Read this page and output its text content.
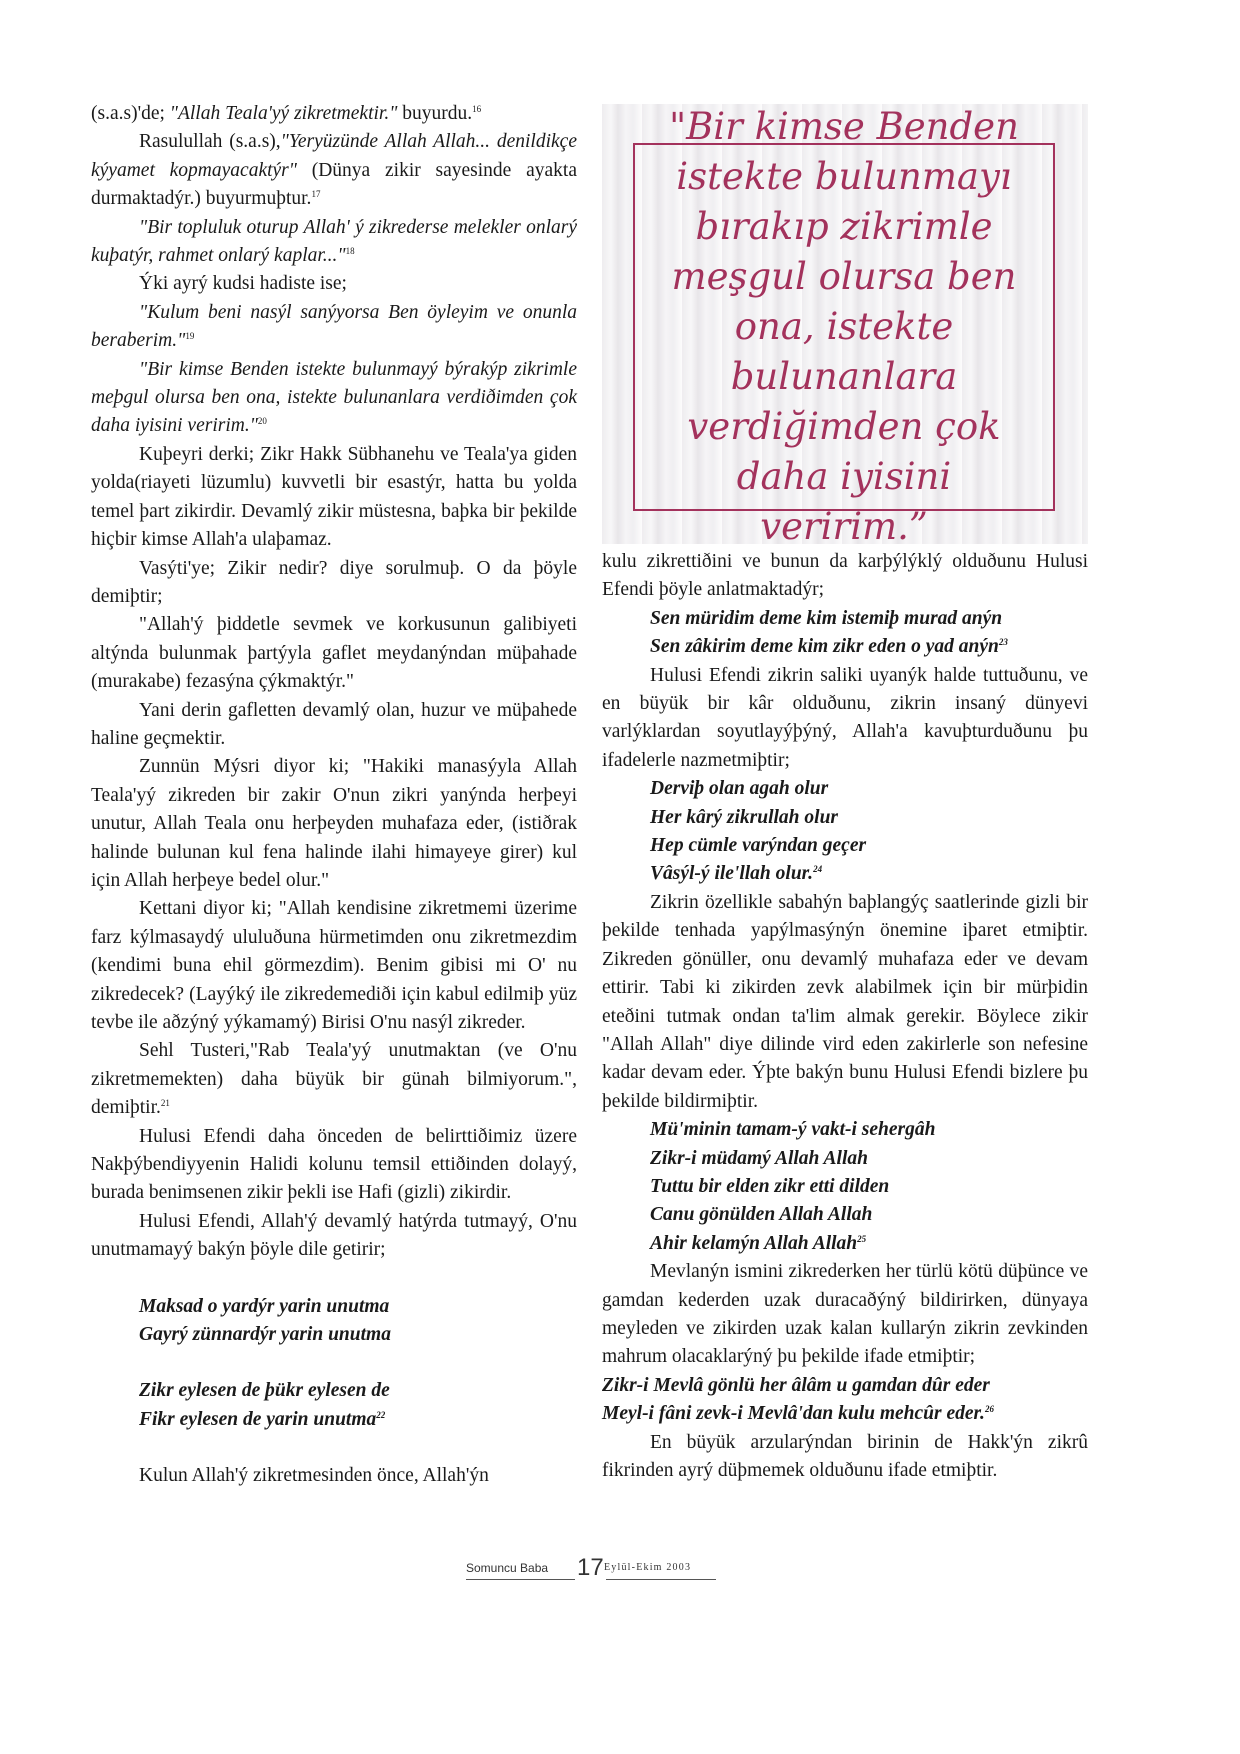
(s.a.s)'de; "Allah Teala'yý zikretmektir." buyurdu.$^{16}$

Rasulullah (s.a.s),"Yeryüzünde Allah Allah... denildikçe kýyamet kopmayacaktýr" (Dünya zikir sayesinde ayakta durmaktadýr.) buyurmuþtur.$^{17}$

"Bir topluluk oturup Allah' ý zikrederse melekler onlarý kuþatýr, rahmet onlarý kaplar..."$^{18}$

Ýki ayrý kudsi hadiste ise;

"Kulum beni nasýl sanýyorsa Ben öyleyim ve onunla beraberim."$^{19}$

"Bir kimse Benden istekte bulunmayý býrakýp zikrimle meþgul olursa ben ona, istekte bulunanlara verdiðimden çok daha iyisini veririm."$^{20}$

Kuþeyri derki; Zikr Hakk Sübhanehu ve Teala'ya giden yolda(riayeti lüzumlu) kuvvetli bir esastýr, hatta bu yolda temel þart zikirdir. Devamlý zikir müstesna, baþka bir þekilde hiçbir kimse Allah'a ulaþamaz.

Vasýti'ye; Zikir nedir? diye sorulmuþ. O da þöyle demiþtir;

"Allah'ý þiddetle sevmek ve korkusunun galibiyeti altýnda bulunmak þartýyla gaflet meydanýndan müþahade (murakabe) fezasýna çýkmaktýr."

Yani derin gafletten devamlý olan, huzur ve müþahede haline geçmektir.

Zunnün Mýsri diyor ki; "Hakiki manasýyla Allah Teala'yý zikreden bir zakir O'nun zikri yanýnda herþeyi unutur, Allah Teala onu herþeyden muhafaza eder, (istiðrak halinde bulunan kul fena halinde ilahi himayeye girer) kul için Allah herþeye bedel olur."

Kettani diyor ki; "Allah kendisine zikretmemi üzerime farz kýlmasaydý ululuðuna hürmetimden onu zikretmezdim (kendimi buna ehil görmezdim). Benim gibisi mi O' nu zikredecek? (Layýký ile zikredemediði için kabul edilmiþ yüz tevbe ile aðzýný yýkamamý) Birisi O'nu nasýl zikreder.

Sehl Tusteri,"Rab Teala'yý unutmaktan (ve O'nu zikretmemekten) daha büyük bir günah bilmiyorum.", demiþtir.$^{21}$

Hulusi Efendi daha önceden de belirttiðimiz üzere Nakþýbendiyyenin Halidi kolunu temsil ettiðinden dolayý, burada benimsenen zikir þekli ise Hafi (gizli) zikirdir.

Hulusi Efendi, Allah'ý devamlý hatýrda tutmayý, O'nu unutmamayý bakýn þöyle dile getirir;

Maksad o yardýr yarin unutma

Gayrý zünnardýr yarin unutma

Zikr eylesen de þükr eylesen de

Fikr eylesen de yarin unutma$^{22}$

Kulun Allah'ý zikretmesinden önce, Allah'ýn

"Bir kimse Benden istekte bulunmayı bırakıp zikrimle meşgul olursa ben ona, istekte bulunanlara verdiğimden çok daha iyisini veririm.”

kulu zikrettiðini ve bunun da karþýlýklý olduðunu Hulusi Efendi þöyle anlatmaktadýr;

Sen müridim deme kim istemiþ murad anýn

Sen zâkirim deme kim zikr eden o yad anýn$^{23}$

Hulusi Efendi zikrin saliki uyanýk halde tuttuðunu, ve en büyük bir kâr olduðunu, zikrin insaný dünyevi varlýklardan soyutlayýþýný, Allah'a kavuþturduðunu þu ifadelerle nazmetmiþtir;

Derviþ olan agah olur

Her kârý zikrullah olur

Hep cümle varýndan geçer

Vâsýl-ý ile'llah olur.$^{24}$

Zikrin özellikle sabahýn baþlangýç saatlerinde gizli bir þekilde tenhada yapýlmasýnýn önemine iþaret etmiþtir. Zikreden gönüller, onu devamlý muhafaza eder ve devam ettirir. Tabi ki zikirden zevk alabilmek için bir mürþidin eteðini tutmak ondan ta'lim almak gerekir. Böylece zikir "Allah Allah" diye dilinde vird eden zakirlerle son nefesine kadar devam eder. Ýþte bakýn bunu Hulusi Efendi bizlere þu þekilde bildirmiþtir.

Mü'minin tamam-ý vakt-i sehergâh

Zikr-i müdamý Allah Allah

Tuttu bir elden zikr etti dilden

Canu gönülden Allah Allah

Ahir kelamýn Allah Allah$^{25}$

Mevlanýn ismini zikrederken her türlü kötü düþünce ve gamdan kederden uzak duracaðýný bildirirken, dünyaya meyleden ve zikirden uzak kalan kullarýn zikrin zevkinden mahrum olacaklarýný þu þekilde ifade etmiþtir;

Zikr-i Mevlâ gönlü her âlâm u gamdan dûr eder

Meyl-i fâni zevk-i Mevlâ'dan kulu mehcûr eder.$^{26}$

En büyük arzularýndan birinin de Hakk'ýn zikrû fikrinden ayrý düþmemek olduðunu ifade etmiþtir.

Somuncu Baba 17 Eylül-Ekim 2003
